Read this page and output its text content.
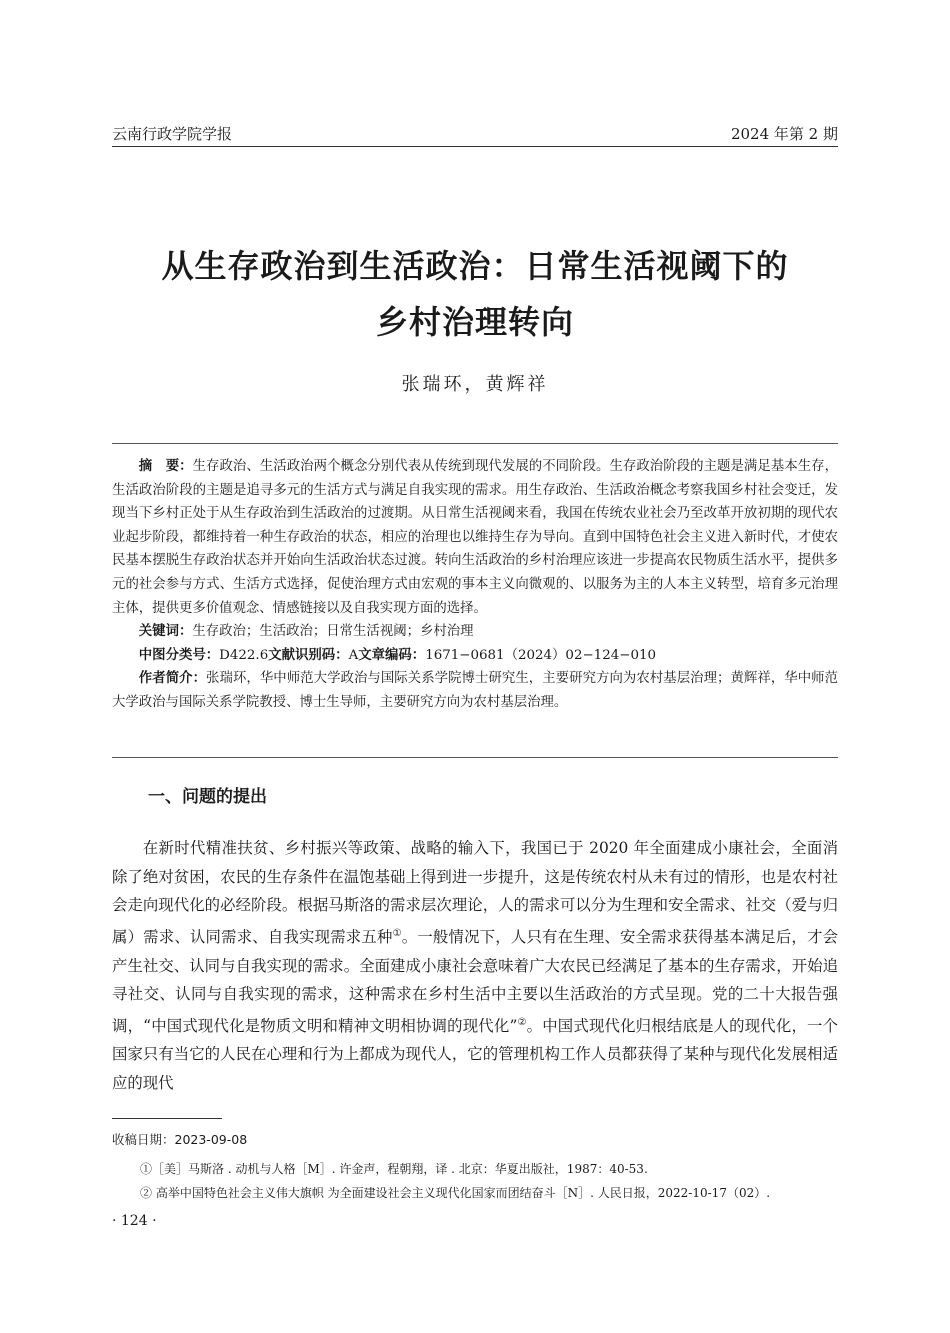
云南行政学院学报	2024 年第 2 期
从生存政治到生活政治：日常生活视阈下的
乡村治理转向
张瑞环，黄辉祥

摘　要：生存政治、生活政治两个概念分别代表从传统到现代发展的不同阶段。生存政治阶段的主题是满足基本生存，生活政治阶段的主题是追寻多元的生活方式与满足自我实现的需求。用生存政治、生活政治概念考察我国乡村社会变迁，发现当下乡村正处于从生存政治到生活政治的过渡期。从日常生活视阈来看，我国在传统农业社会乃至改革开放初期的现代农业起步阶段，都维持着一种生存政治的状态，相应的治理也以维持生存为导向。直到中国特色社会主义进入新时代，才使农民基本摆脱生存政治状态并开始向生活政治状态过渡。转向生活政治的乡村治理应该进一步提高农民物质生活水平，提供多元的社会参与方式、生活方式选择，促使治理方式由宏观的事本主义向微观的、以服务为主的人本主义转型，培育多元治理主体，提供更多价值观念、情感链接以及自我实现方面的选择。

关键词：生存政治；生活政治；日常生活视阈；乡村治理

中图分类号：D422.6文献识别码：A文章编码：1671−0681（2024）02−124−010

作者简介：张瑞环，华中师范大学政治与国际关系学院博士研究生，主要研究方向为农村基层治理；黄辉祥，华中师范大学政治与国际关系学院教授、博士生导师，主要研究方向为农村基层治理。

一、问题的提出

在新时代精准扶贫、乡村振兴等政策、战略的输入下，我国已于 2020 年全面建成小康社会，全面消除了绝对贫困，农民的生存条件在温饱基础上得到进一步提升，这是传统农村从未有过的情形，也是农村社会走向现代化的必经阶段。根据马斯洛的需求层次理论，人的需求可以分为生理和安全需求、社交（爱与归属）需求、认同需求、自我实现需求五种①。一般情况下，人只有在生理、安全需求获得基本满足后，才会产生社交、认同与自我实现的需求。全面建成小康社会意味着广大农民已经满足了基本的生存需求，开始追寻社交、认同与自我实现的需求，这种需求在乡村生活中主要以生活政治的方式呈现。党的二十大报告强调，“中国式现代化是物质文明和精神文明相协调的现代化”②。中国式现代化归根结底是人的现代化，一个国家只有当它的人民在心理和行为上都成为现代人，它的管理机构工作人员都获得了某种与现代化发展相适应的现代

收稿日期：2023-09-08

①［美］马斯洛 . 动机与人格［M］. 许金声，程朝翔，译 . 北京：华夏出版社，1987：40-53.

② 高举中国特色社会主义伟大旗帜 为全面建设社会主义现代化国家而团结奋斗［N］. 人民日报，2022-10-17（02）.

· 124 ·
